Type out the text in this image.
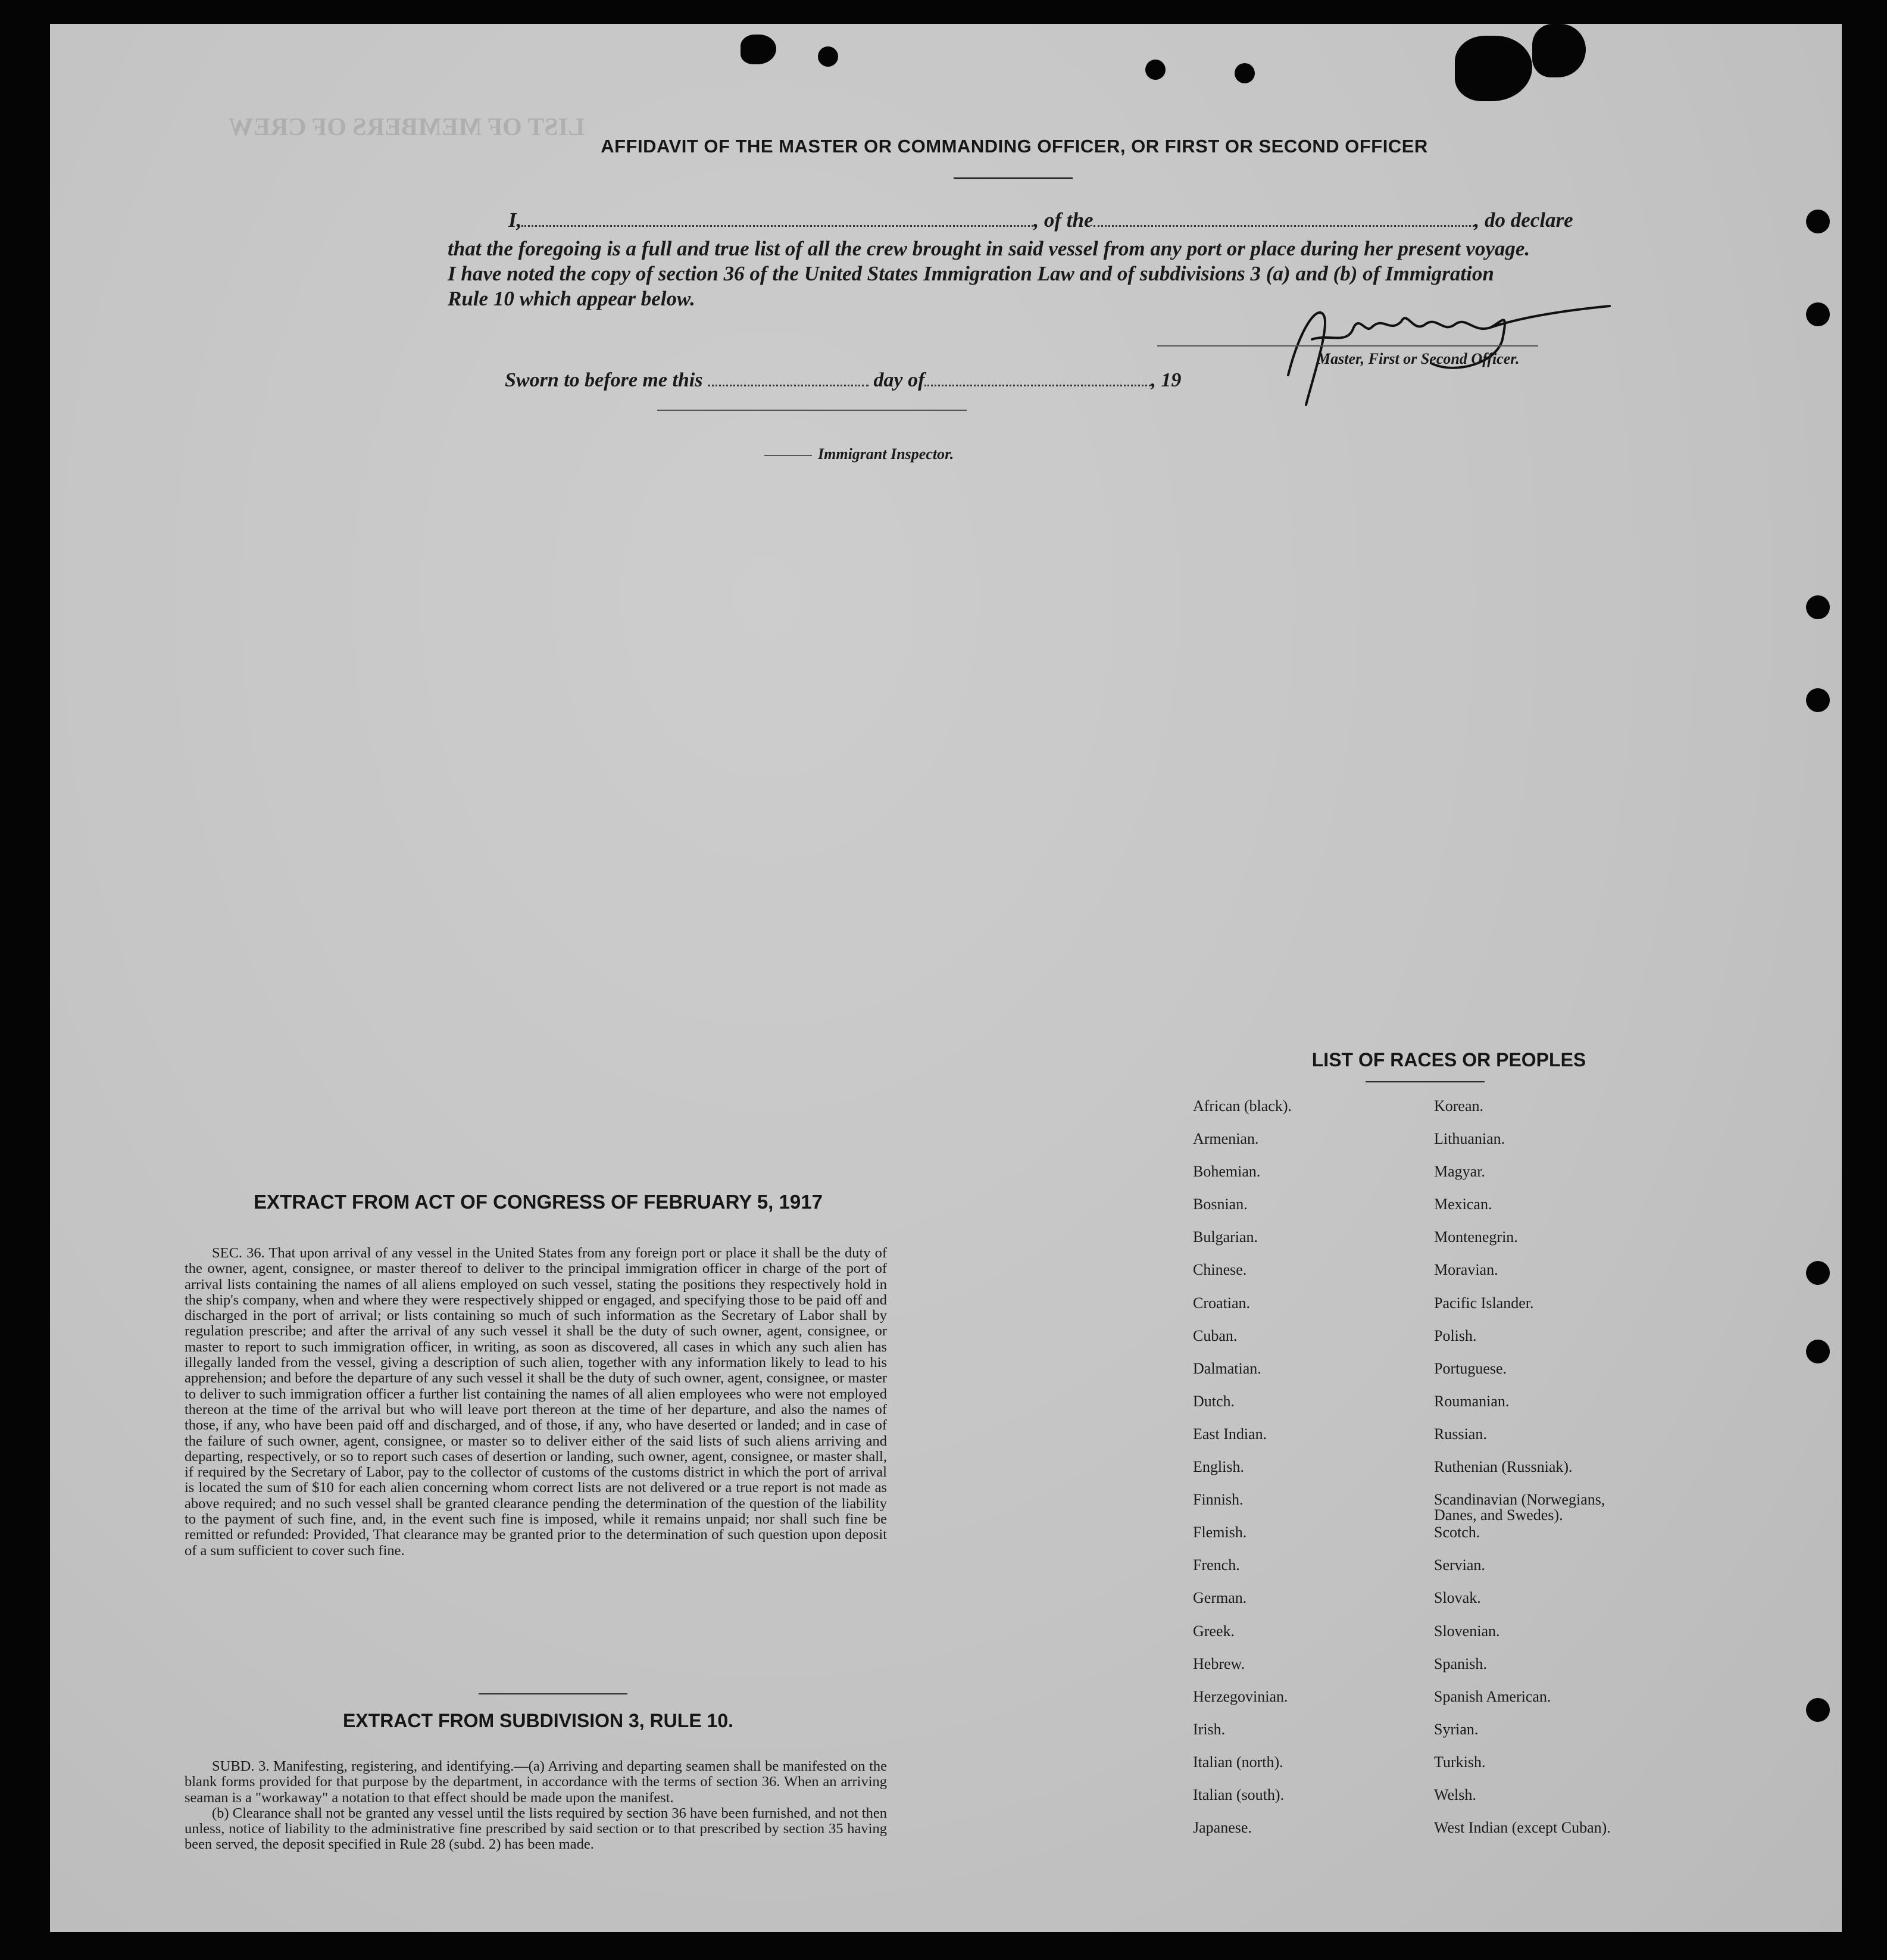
LIST OF MEMBERS OF CREW
AFFIDAVIT OF THE MASTER OR COMMANDING OFFICER, OR FIRST OR SECOND OFFICER
I,	, of the	, do declare
that the foregoing is a full and true list of all the crew brought in said vessel from any port or place during her present voyage.
I have noted the copy of section 36 of the United States Immigration Law and of subdivisions 3 (a) and (b) of Immigration
Rule 10 which appear below.
Sworn to before me this	day of	, 19
Master, First or Second Officer.
Immigrant Inspector.
LIST OF RACES OR PEOPLES
African (black).
Armenian.
Bohemian.
Bosnian.
Bulgarian.
Chinese.
Croatian.
Cuban.
Dalmatian.
Dutch.
East Indian.
English.
Finnish.
Flemish.
French.
German.
Greek.
Hebrew.
Herzegovinian.
Irish.
Italian (north).
Italian (south).
Japanese.
Korean.
Lithuanian.
Magyar.
Mexican.
Montenegrin.
Moravian.
Pacific Islander.
Polish.
Portuguese.
Roumanian.
Russian.
Ruthenian (Russniak).
Scandinavian (Norwegians,
Danes, and Swedes).
Scotch.
Servian.
Slovak.
Slovenian.
Spanish.
Spanish American.
Syrian.
Turkish.
Welsh.
West Indian (except Cuban).
EXTRACT FROM ACT OF CONGRESS OF FEBRUARY 5, 1917
SEC. 36. That upon arrival of any vessel in the United States from any foreign port or place it shall be the duty of the owner, agent, consignee, or master thereof to deliver to the principal immigration officer in charge of the port of arrival lists containing the names of all aliens employed on such vessel, stating the positions they respectively hold in the ship's company, when and where they were respectively shipped or engaged, and specifying those to be paid off and discharged in the port of arrival; or lists containing so much of such information as the Secretary of Labor shall by regulation prescribe; and after the arrival of any such vessel it shall be the duty of such owner, agent, consignee, or master to report to such immigration officer, in writing, as soon as discovered, all cases in which any such alien has illegally landed from the vessel, giving a description of such alien, together with any information likely to lead to his apprehension; and before the departure of any such vessel it shall be the duty of such owner, agent, consignee, or master to deliver to such immigration officer a further list containing the names of all alien employees who were not employed thereon at the time of the arrival but who will leave port thereon at the time of her departure, and also the names of those, if any, who have been paid off and discharged, and of those, if any, who have deserted or landed; and in case of the failure of such owner, agent, consignee, or master so to deliver either of the said lists of such aliens arriving and departing, respectively, or so to report such cases of desertion or landing, such owner, agent, consignee, or master shall, if required by the Secretary of Labor, pay to the collector of customs of the customs district in which the port of arrival is located the sum of $10 for each alien concerning whom correct lists are not delivered or a true report is not made as above required; and no such vessel shall be granted clearance pending the determination of the question of the liability to the payment of such fine, and, in the event such fine is imposed, while it remains unpaid; nor shall such fine be remitted or refunded: Provided, That clearance may be granted prior to the determination of such question upon deposit of a sum sufficient to cover such fine.
EXTRACT FROM SUBDIVISION 3, RULE 10.

SUBD. 3. Manifesting, registering, and identifying.—(a) Arriving and departing seamen shall be manifested on the blank forms provided for that purpose by the department, in accordance with the terms of section 36. When an arriving seaman is a "workaway" a notation to that effect should be made upon the manifest.

(b) Clearance shall not be granted any vessel until the lists required by section 36 have been furnished, and not then unless, notice of liability to the administrative fine prescribed by said section or to that prescribed by section 35 having been served, the deposit specified in Rule 28 (subd. 2) has been made.
